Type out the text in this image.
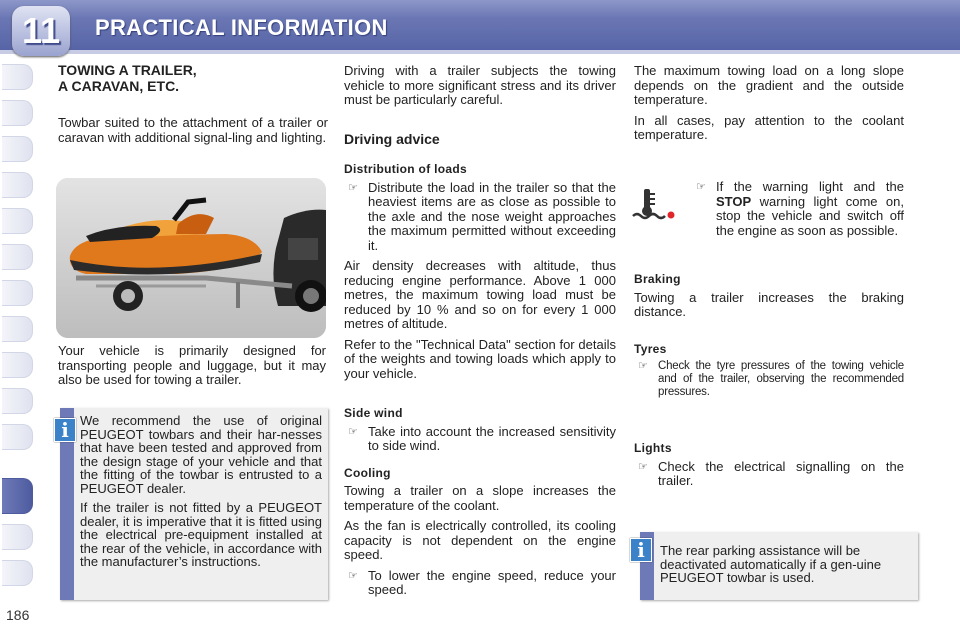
11	PRACTICAL INFORMATION
TOWING A TRAILER,
A CARAVAN, ETC.

Towbar suited to the attachment of a trailer or caravan with additional signal-ling and lighting.

Your vehicle is primarily designed for transporting people and luggage, but it may also be used for towing a trailer.

We recommend the use of original PEUGEOT towbars and their har-nesses that have been tested and approved from the design stage of your vehicle and that the fitting of the towbar is entrusted to a PEUGEOT dealer.

If the trailer is not fitted by a PEUGEOT dealer, it is imperative that it is fitted using the electrical pre-equipment installed at the rear of the vehicle, in accordance with the manufacturer’s instructions.

i

Driving with a trailer subjects the towing vehicle to more significant stress and its driver must be particularly careful.

Driving advice
Distribution of loads
☞ Distribute the load in the trailer so that the heaviest items are as close as possible to the axle and the nose weight approaches the maximum permitted without exceeding it.

Air density decreases with altitude, thus reducing engine performance. Above 1 000 metres, the maximum towing load must be reduced by 10 % and so on for every 1 000 metres of altitude.

Refer to the "Technical Data" section for details of the weights and towing loads which apply to your vehicle.

Side wind
☞ Take into account the increased sensitivity to side wind.
Cooling

Towing a trailer on a slope increases the temperature of the coolant.

As the fan is electrically controlled, its cooling capacity is not dependent on the engine speed.

☞ To lower the engine speed, reduce your speed.

The maximum towing load on a long slope depends on the gradient and the outside temperature.

In all cases, pay attention to the coolant temperature.

☞ If the warning light and the STOP warning light come on, stop the vehicle and switch off the engine as soon as possible.
Braking

Towing a trailer increases the braking distance.

Tyres
☞ Check the tyre pressures of the towing vehicle and of the trailer, observing the recommended pressures.
Lights
☞ Check the electrical signalling on the trailer.
The rear parking assistance will be deactivated automatically if a gen-uine PEUGEOT towbar is used.
i
186
